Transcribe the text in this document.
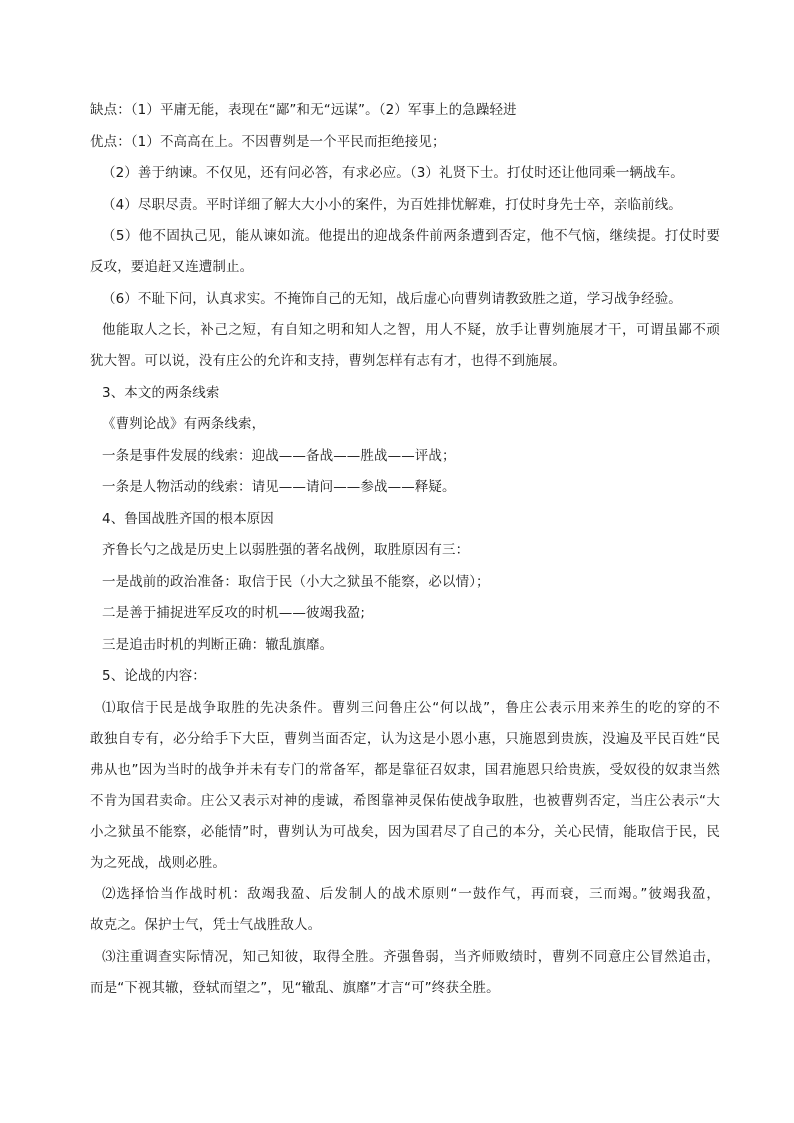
缺点：（1）平庸无能，表现在“鄙”和无“远谋”。（2）军事上的急躁轻进
优点：（1）不高高在上。不因曹刿是一个平民而拒绝接见；
（2）善于纳谏。不仅见，还有问必答，有求必应。（3）礼贤下士。打仗时还让他同乘一辆战车。
（4）尽职尽责。平时详细了解大大小小的案件，为百姓排忧解难，打仗时身先士卒，亲临前线。
（5）他不固执己见，能从谏如流。他提出的迎战条件前两条遭到否定，他不气恼，继续提。打仗时要
反攻，要追赶又连遭制止。
（6）不耻下问，认真求实。不掩饰自己的无知，战后虚心向曹刿请教致胜之道，学习战争经验。
他能取人之长，补己之短，有自知之明和知人之智，用人不疑，放手让曹刿施展才干，可谓虽鄙不顽
犹大智。可以说，没有庄公的允许和支持，曹刿怎样有志有才，也得不到施展。
3、本文的两条线索
《曹刿论战》有两条线索，
一条是事件发展的线索：迎战——备战——胜战——评战；
一条是人物活动的线索：请见——请问——参战——释疑。
4、鲁国战胜齐国的根本原因
齐鲁长勺之战是历史上以弱胜强的著名战例，取胜原因有三：
一是战前的政治准备：取信于民（小大之狱虽不能察，必以情）；
二是善于捕捉进军反攻的时机——彼竭我盈;
三是追击时机的判断正确：辙乱旗靡。
5、论战的内容：
⑴取信于民是战争取胜的先决条件。曹刿三问鲁庄公“何以战”，鲁庄公表示用来养生的吃的穿的不
敢独自专有，必分给手下大臣，曹刿当面否定，认为这是小恩小惠，只施恩到贵族，没遍及平民百姓“民
弗从也”因为当时的战争并未有专门的常备军，都是靠征召奴隶，国君施恩只给贵族，受奴役的奴隶当然
不肯为国君卖命。庄公又表示对神的虔诚，希图靠神灵保佑使战争取胜，也被曹刿否定，当庄公表示“大
小之狱虽不能察，必能情”时，曹刿认为可战矣，因为国君尽了自己的本分，关心民情，能取信于民，民
为之死战，战则必胜。
⑵选择恰当作战时机：敌竭我盈、后发制人的战术原则“一鼓作气，再而衰，三而竭。”彼竭我盈，
故克之。保护士气，凭士气战胜敌人。
⑶注重调查实际情况，知己知彼，取得全胜。齐强鲁弱，当齐师败绩时，曹刿不同意庄公冒然追击，
而是“下视其辙，登轼而望之”，见“辙乱、旗靡”才言“可”终获全胜。
